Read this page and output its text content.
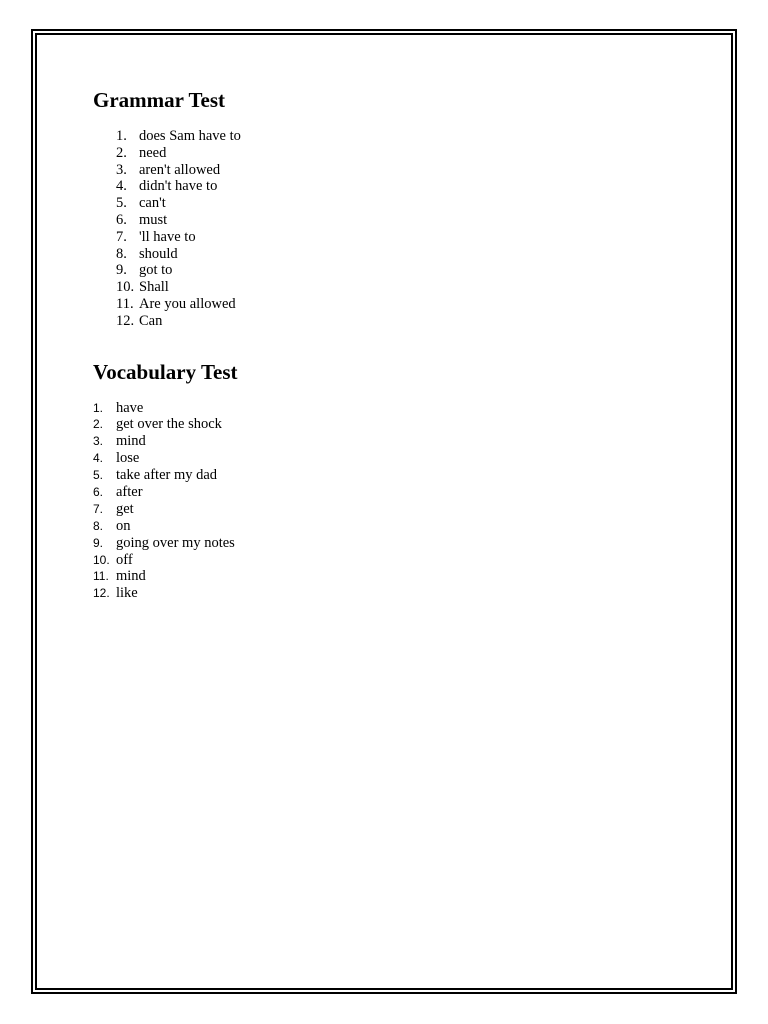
Grammar Test
1. does Sam have to
2. need
3. aren't allowed
4. didn't have to
5. can't
6. must
7. 'll have to
8. should
9. got to
10. Shall
11. Are you allowed
12. Can
Vocabulary Test
1. have
2. get over the shock
3. mind
4. lose
5. take after my dad
6. after
7. get
8. on
9. going over my notes
10. off
11. mind
12. like
